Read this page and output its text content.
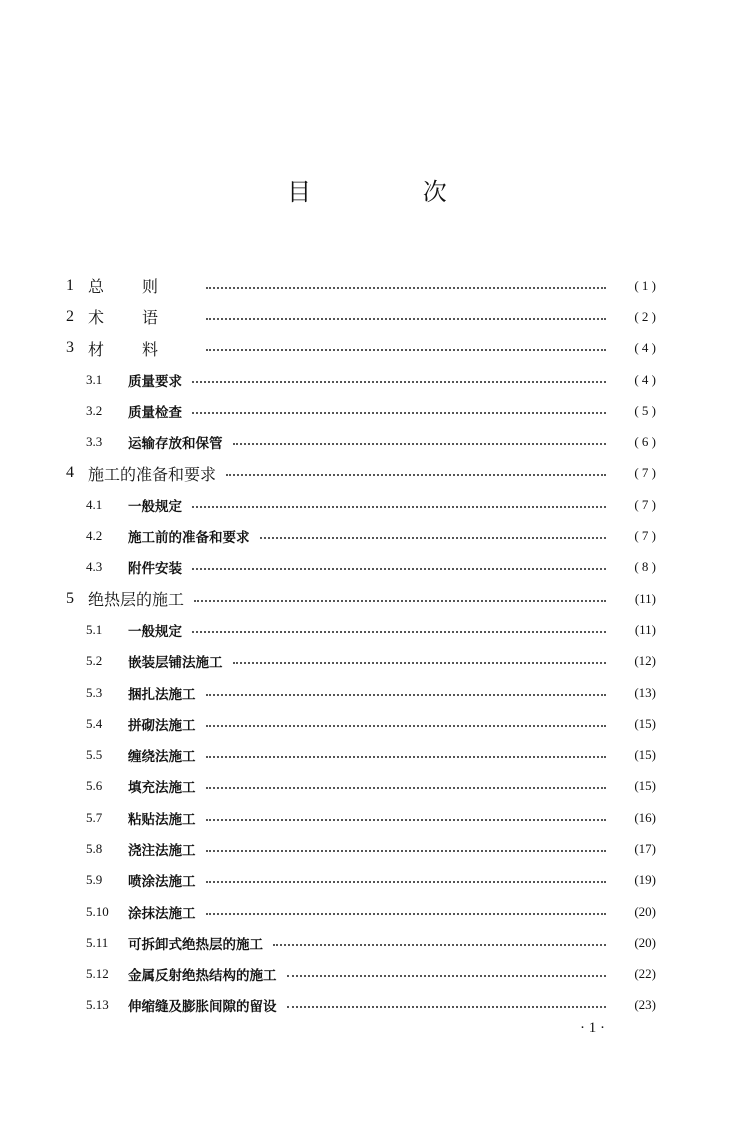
目 次
1 总则	( 1 )
2 术语	( 2 )
3 材料	( 4 )
3.1	质量要求	( 4 )
3.2	质量检查	( 5 )
3.3	运输存放和保管	( 6 )
4 施工的准备和要求	( 7 )
4.1	一般规定	( 7 )
4.2	施工前的准备和要求	( 7 )
4.3	附件安装	( 8 )
5 绝热层的施工	(11)
5.1	一般规定	(11)
5.2	嵌装层铺法施工	(12)
5.3	捆扎法施工	(13)
5.4	拼砌法施工	(15)
5.5	缠绕法施工	(15)
5.6	填充法施工	(15)
5.7	粘贴法施工	(16)
5.8	浇注法施工	(17)
5.9	喷涂法施工	(19)
5.10	涂抹法施工	(20)
5.11	可拆卸式绝热层的施工	(20)
5.12	金属反射绝热结构的施工	(22)
5.13	伸缩缝及膨胀间隙的留设	(23)
· 1 ·
